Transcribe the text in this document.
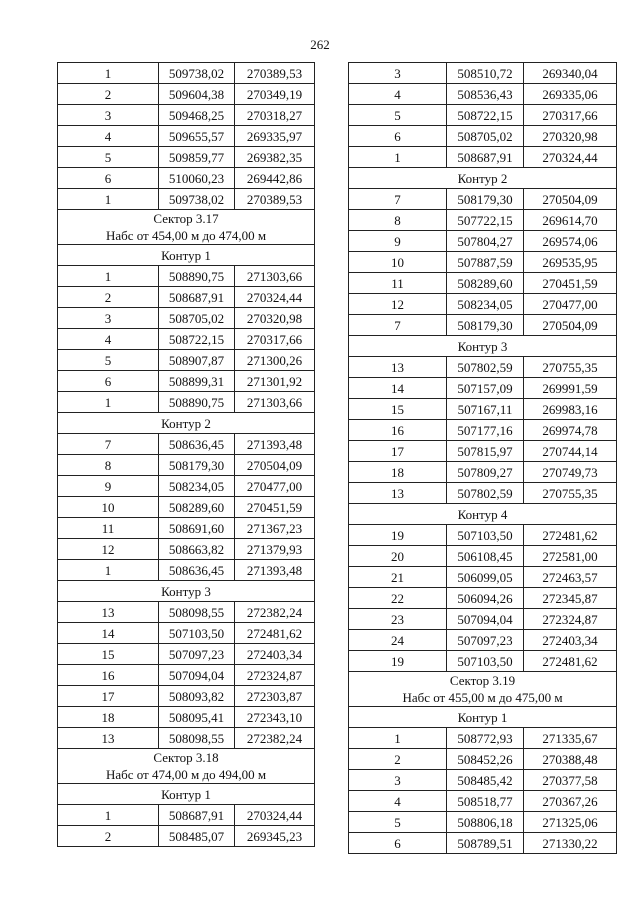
262
1	509738,02	270389,53
2	509604,38	270349,19
3	509468,25	270318,27
4	509655,57	269335,97
5	509859,77	269382,35
6	510060,23	269442,86
1	509738,02	270389,53

Сектор 3.17
Набс от 454,00 м до 474,00 м		

Контур 1		

1	508890,75	271303,66
2	508687,91	270324,44
3	508705,02	270320,98
4	508722,15	270317,66
5	508907,87	271300,26
6	508899,31	271301,92
1	508890,75	271303,66

Контур 2		

7	508636,45	271393,48
8	508179,30	270504,09
9	508234,05	270477,00
10	508289,60	270451,59
11	508691,60	271367,23
12	508663,82	271379,93
1	508636,45	271393,48

Контур 3		

13	508098,55	272382,24
14	507103,50	272481,62
15	507097,23	272403,34
16	507094,04	272324,87
17	508093,82	272303,87
18	508095,41	272343,10
13	508098,55	272382,24

Сектор 3.18
Набс от 474,00 м до 494,00 м		

Контур 1		

1	508687,91	270324,44
2	508485,07	269345,23
3	508510,72	269340,04
4	508536,43	269335,06
5	508722,15	270317,66
6	508705,02	270320,98
1	508687,91	270324,44

Контур 2		

7	508179,30	270504,09
8	507722,15	269614,70
9	507804,27	269574,06
10	507887,59	269535,95
11	508289,60	270451,59
12	508234,05	270477,00
7	508179,30	270504,09

Контур 3		

13	507802,59	270755,35
14	507157,09	269991,59
15	507167,11	269983,16
16	507177,16	269974,78
17	507815,97	270744,14
18	507809,27	270749,73
13	507802,59	270755,35

Контур 4		

19	507103,50	272481,62
20	506108,45	272581,00
21	506099,05	272463,57
22	506094,26	272345,87
23	507094,04	272324,87
24	507097,23	272403,34
19	507103,50	272481,62

Сектор 3.19
Набс от 455,00 м до 475,00 м		

Контур 1		

1	508772,93	271335,67
2	508452,26	270388,48
3	508485,42	270377,58
4	508518,77	270367,26
5	508806,18	271325,06
6	508789,51	271330,22
